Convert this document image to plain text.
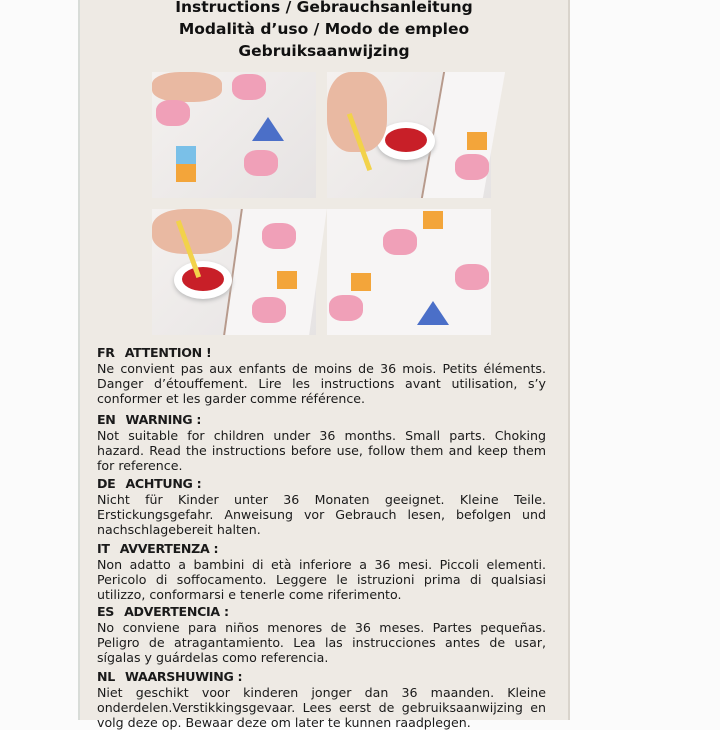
Instructions / Gebrauchsanleitung
Modalità d’uso / Modo de empleo
Gebruiksaanwijzing
FR ATTENTION !

Ne convient pas aux enfants de moins de 36 mois. Petits éléments. Danger d’étouffement. Lire les instructions avant utilisation, s’y conformer et les garder comme référence.

EN WARNING :

Not suitable for children under 36 months. Small parts. Choking hazard. Read the instructions before use, follow them and keep them for reference.

DE ACHTUNG :

Nicht für Kinder unter 36 Monaten geeignet. Kleine Teile. Erstickungsgefahr. Anweisung vor Gebrauch lesen, befolgen und nachschlagebereit halten.

IT AVVERTENZA :

Non adatto a bambini di età inferiore a 36 mesi. Piccoli elementi. Pericolo di soffocamento. Leggere le istruzioni prima di qualsiasi utilizzo, conformarsi e tenerle come riferimento.

ES ADVERTENCIA :

No conviene para niños menores de 36 meses. Partes pequeñas. Peligro de atragantamiento. Lea las instrucciones antes de usar, sígalas y guárdelas como referencia.

NL WAARSHUWING :

Niet geschikt voor kinderen jonger dan 36 maanden. Kleine onderdelen.Verstikkingsgevaar. Lees eerst de gebruiksaanwijzing en volg deze op. Bewaar deze om later te kunnen raadplegen.
